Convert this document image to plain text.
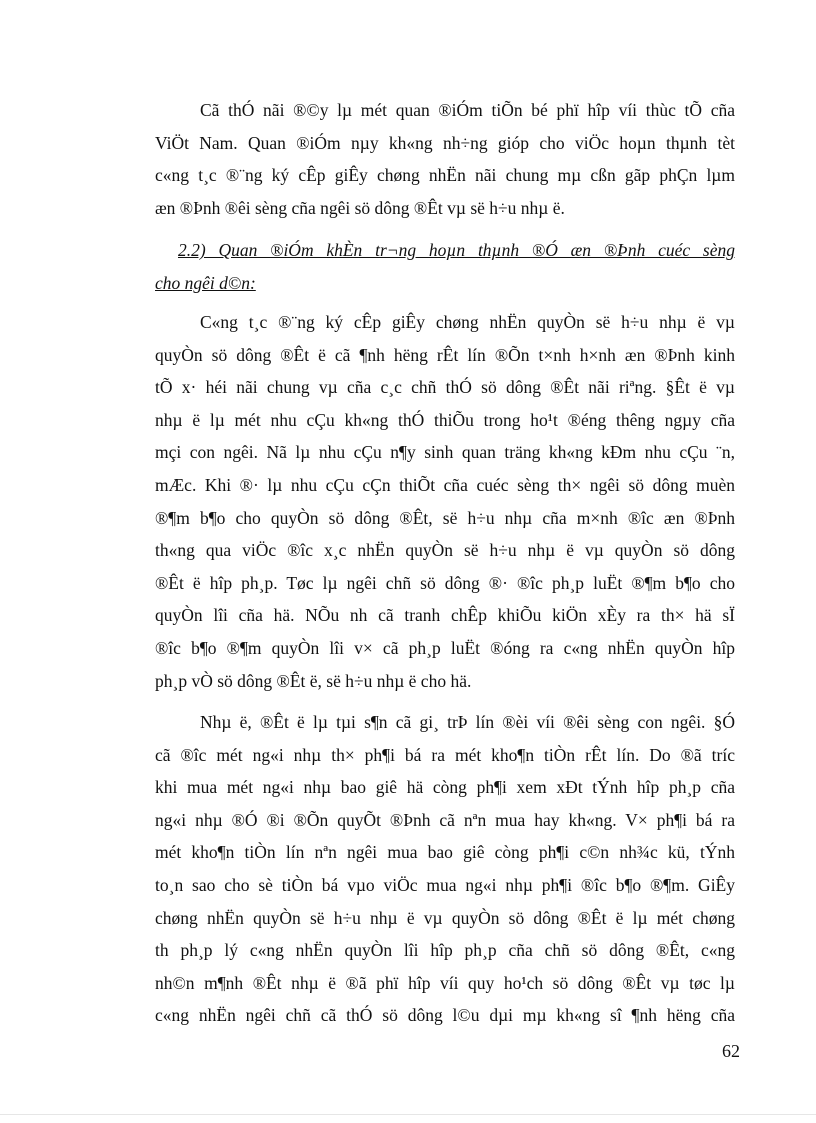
Cã thÓ nãi ®©y lµ mét quan ®iÓm tiÕn bé phï hîp víi thùc tÕ cña
ViÖt Nam. Quan ®iÓm nµy kh«ng nh÷ng gióp cho viÖc hoµn thµnh tèt
c«ng t¸c ®¨ng ký cÊp giÊy chøng nhËn nãi chung mµ cßn gãp phÇn lµm
æn ®Þnh ®êi sèng cña ngêi sö dông ®Êt vµ së h÷u nhµ ë.
2.2) Quan ®iÓm khÈn tr¬ng hoµn thµnh ®Ó æn ®Þnh cuéc sèng
cho ngêi d©n:
C«ng t¸c ®¨ng ký cÊp giÊy chøng nhËn quyÒn së h÷u nhµ ë vµ
quyÒn sö dông ®Êt ë cã ¶nh hëng rÊt lín ®Õn t×nh h×nh æn ®Þnh kinh
tÕ x· héi nãi chung vµ cña c¸c chñ thÓ sö dông ®Êt nãi riªng. §Êt ë vµ
nhµ ë lµ mét nhu cÇu kh«ng thÓ thiÕu trong ho¹t ®éng thêng ngµy cña
mçi con ngêi. Nã lµ nhu cÇu n¶y sinh quan träng kh«ng kÐm nhu cÇu ¨n,
mÆc. Khi ®· lµ nhu cÇu cÇn thiÕt cña cuéc sèng th× ngêi sö dông muèn
®¶m b¶o cho quyÒn sö dông ®Êt, së h÷u nhµ cña m×nh ®îc æn ®Þnh
th«ng qua viÖc ®îc x¸c nhËn quyÒn së h÷u nhµ ë vµ quyÒn sö dông
®Êt ë hîp ph¸p. Tøc lµ ngêi chñ sö dông ®· ®îc ph¸p luËt ®¶m b¶o cho
quyÒn lîi cña hä. NÕu nh cã tranh chÊp khiÕu kiÖn xÈy ra th× hä sÏ
®îc b¶o ®¶m quyÒn lîi v× cã ph¸p luËt ®óng ra c«ng nhËn quyÒn hîp
ph¸p vÒ sö dông ®Êt ë, së h÷u nhµ ë cho hä.
Nhµ ë, ®Êt ë lµ tµi s¶n cã gi¸ trÞ lín ®èi víi ®êi sèng con ngêi. §Ó
cã ®îc mét ng«i nhµ th× ph¶i bá ra mét kho¶n tiÒn rÊt lín. Do ®ã tríc
khi mua mét ng«i nhµ bao giê hä còng ph¶i xem xÐt tÝnh hîp ph¸p cña
ng«i nhµ ®Ó ®i ®Õn quyÕt ®Þnh cã nªn mua hay kh«ng. V× ph¶i bá ra
mét kho¶n tiÒn lín nªn ngêi mua bao giê còng ph¶i c©n nh¾c kü, tÝnh
to¸n sao cho sè tiÒn bá vµo viÖc mua ng«i nhµ ph¶i ®îc b¶o ®¶m. GiÊy
chøng nhËn quyÒn së h÷u nhµ ë vµ quyÒn sö dông ®Êt ë lµ mét chøng
th ph¸p lý c«ng nhËn quyÒn lîi hîp ph¸p cña chñ sö dông ®Êt, c«ng
nh©n m¶nh ®Êt nhµ ë ®ã phï hîp víi quy ho¹ch sö dông ®Êt vµ tøc lµ
c«ng nhËn ngêi chñ cã thÓ sö dông l©u dµi mµ kh«ng sî ¶nh hëng cña
62
